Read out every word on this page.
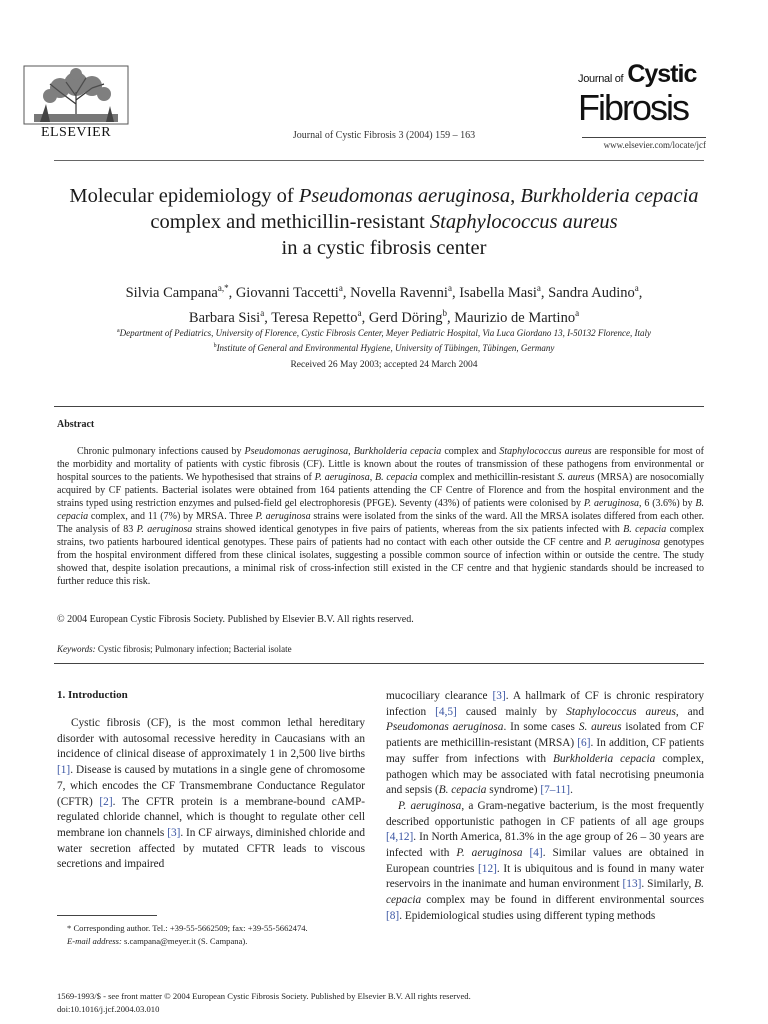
ELSEVIER	Journal of Cystic Fibrosis 3 (2004) 159 – 163
Journal of Cystic
Fibrosis
www.elsevier.com/locate/jcf
Molecular epidemiology of Pseudomonas aeruginosa, Burkholderia cepacia complex and methicillin-resistant Staphylococcus aureus
in a cystic fibrosis center
Silvia Campana$^{a,*}$, Giovanni Taccetti$^a$, Novella Ravenni$^a$, Isabella Masi$^a$, Sandra Audino$^a$,
Barbara Sisi$^a$, Teresa Repetto$^a$, Gerd Döring$^b$, Maurizio de Martino$^a$
$^a$Department of Pediatrics, University of Florence, Cystic Fibrosis Center, Meyer Pediatric Hospital, Via Luca Giordano 13, I-50132 Florence, Italy
$^b$Institute of General and Environmental Hygiene, University of Tübingen, Tübingen, Germany
Received 26 May 2003; accepted 24 March 2004
Abstract
Chronic pulmonary infections caused by Pseudomonas aeruginosa, Burkholderia cepacia complex and Staphylococcus aureus are responsible for most of the morbidity and mortality of patients with cystic fibrosis (CF). Little is known about the routes of transmission of these pathogens from environmental or hospital sources to the patients. We hypothesised that strains of P. aeruginosa, B. cepacia complex and methicillin-resistant S. aureus (MRSA) are nosocomially acquired by CF patients. Bacterial isolates were obtained from 164 patients attending the CF Centre of Florence and from the hospital environment and the strains typed using restriction enzymes and pulsed-field gel electrophoresis (PFGE). Seventy (43%) of patients were colonised by P. aeruginosa, 6 (3.6%) by B. cepacia complex, and 11 (7%) by MRSA. Three P. aeruginosa strains were isolated from the sinks of the ward. All the MRSA isolates differed from each other. The analysis of 83 P. aeruginosa strains showed identical genotypes in five pairs of patients, whereas from the six patients infected with B. cepacia complex strains, two patients harboured identical genotypes. These pairs of patients had no contact with each other outside the CF centre and P. aeruginosa genotypes from the hospital environment differed from these clinical isolates, suggesting a possible common source of infection within or outside the centre. The study showed that, despite isolation precautions, a minimal risk of cross-infection still existed in the CF centre and that hygienic standards should be increased to further reduce this risk.
© 2004 European Cystic Fibrosis Society. Published by Elsevier B.V. All rights reserved.
Keywords: Cystic fibrosis; Pulmonary infection; Bacterial isolate
1. Introduction
Cystic fibrosis (CF), is the most common lethal hereditary disorder with autosomal recessive heredity in Caucasians with an incidence of clinical disease of approximately 1 in 2,500 live births [1]. Disease is caused by mutations in a single gene of chromosome 7, which encodes the CF Transmembrane Conductance Regulator (CFTR) [2]. The CFTR protein is a membrane-bound cAMP-regulated chloride channel, which is thought to regulate other cell membrane ion channels [3]. In CF airways, diminished chloride and water secretion affected by mutated CFTR leads to viscous secretions and impaired

mucociliary clearance [3]. A hallmark of CF is chronic respiratory infection [4,5] caused mainly by Staphylococcus aureus, and Pseudomonas aeruginosa. In some cases S. aureus isolated from CF patients are methicillin-resistant (MRSA) [6]. In addition, CF patients may suffer from infections with Burkholderia cepacia complex, pathogen which may be associated with fatal necrotising pneumonia and sepsis (B. cepacia syndrome) [7–11].

P. aeruginosa, a Gram-negative bacterium, is the most frequently described opportunistic pathogen in CF patients of all age groups [4,12]. In North America, 81.3% in the age group of 26 – 30 years are infected with P. aeruginosa [4]. Similar values are obtained in European countries [12]. It is ubiquitous and is found in many water reservoirs in the inanimate and human environment [13]. Similarly, B. cepacia complex may be found in different environmental sources [8]. Epidemiological studies using different typing methods

* Corresponding author. Tel.: +39-55-5662509; fax: +39-55-5662474.
E-mail address: s.campana@meyer.it (S. Campana).
1569-1993/$ - see front matter © 2004 European Cystic Fibrosis Society. Published by Elsevier B.V. All rights reserved.
doi:10.1016/j.jcf.2004.03.010
